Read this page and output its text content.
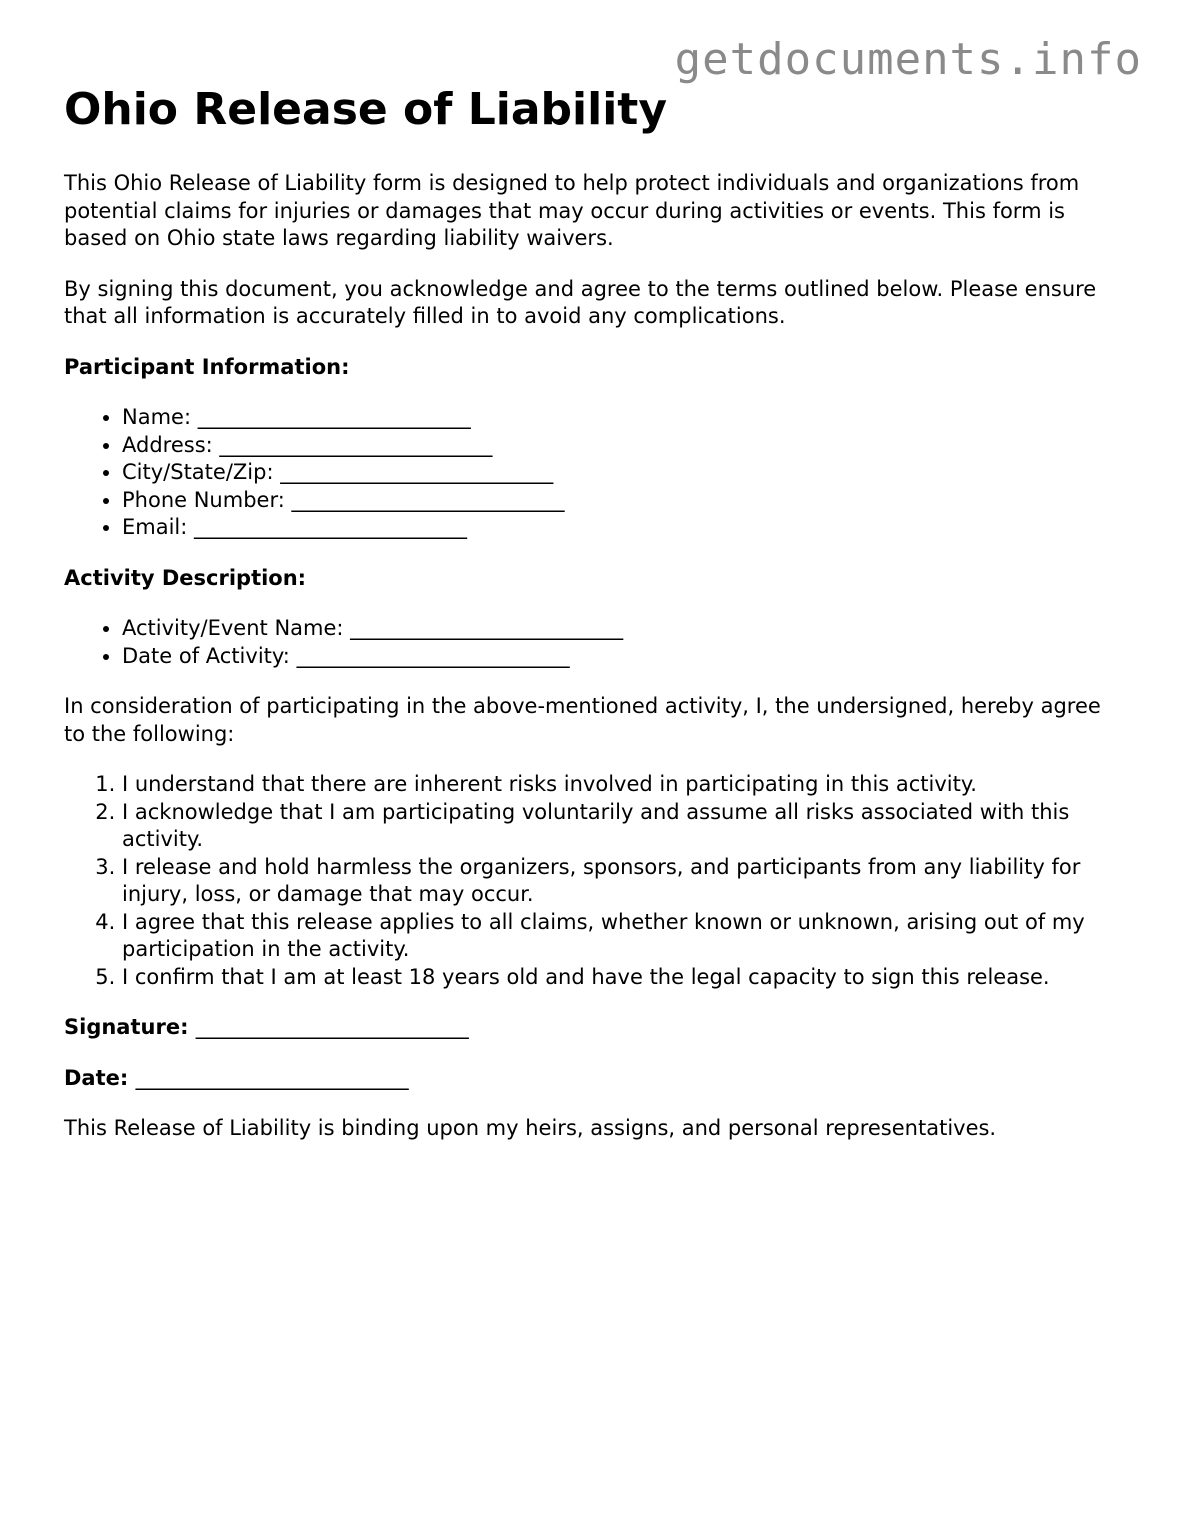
getdocuments.info
Ohio Release of Liability

This Ohio Release of Liability form is designed to help protect individuals and organizations from potential claims for injuries or damages that may occur during activities or events. This form is based on Ohio state laws regarding liability waivers.

By signing this document, you acknowledge and agree to the terms outlined below. Please ensure that all information is accurately filled in to avoid any complications.

Participant Information:

• Name: __________________________
• Address: __________________________
• City/State/Zip: __________________________
• Phone Number: __________________________
• Email: __________________________

Activity Description:

• Activity/Event Name: __________________________
• Date of Activity: __________________________

In consideration of participating in the above-mentioned activity, I, the undersigned, hereby agree to the following:

1. I understand that there are inherent risks involved in participating in this activity.
2. I acknowledge that I am participating voluntarily and assume all risks associated with this activity.
3. I release and hold harmless the organizers, sponsors, and participants from any liability for injury, loss, or damage that may occur.
4. I agree that this release applies to all claims, whether known or unknown, arising out of my participation in the activity.
5. I confirm that I am at least 18 years old and have the legal capacity to sign this release.

Signature: __________________________

Date: __________________________

This Release of Liability is binding upon my heirs, assigns, and personal representatives.
